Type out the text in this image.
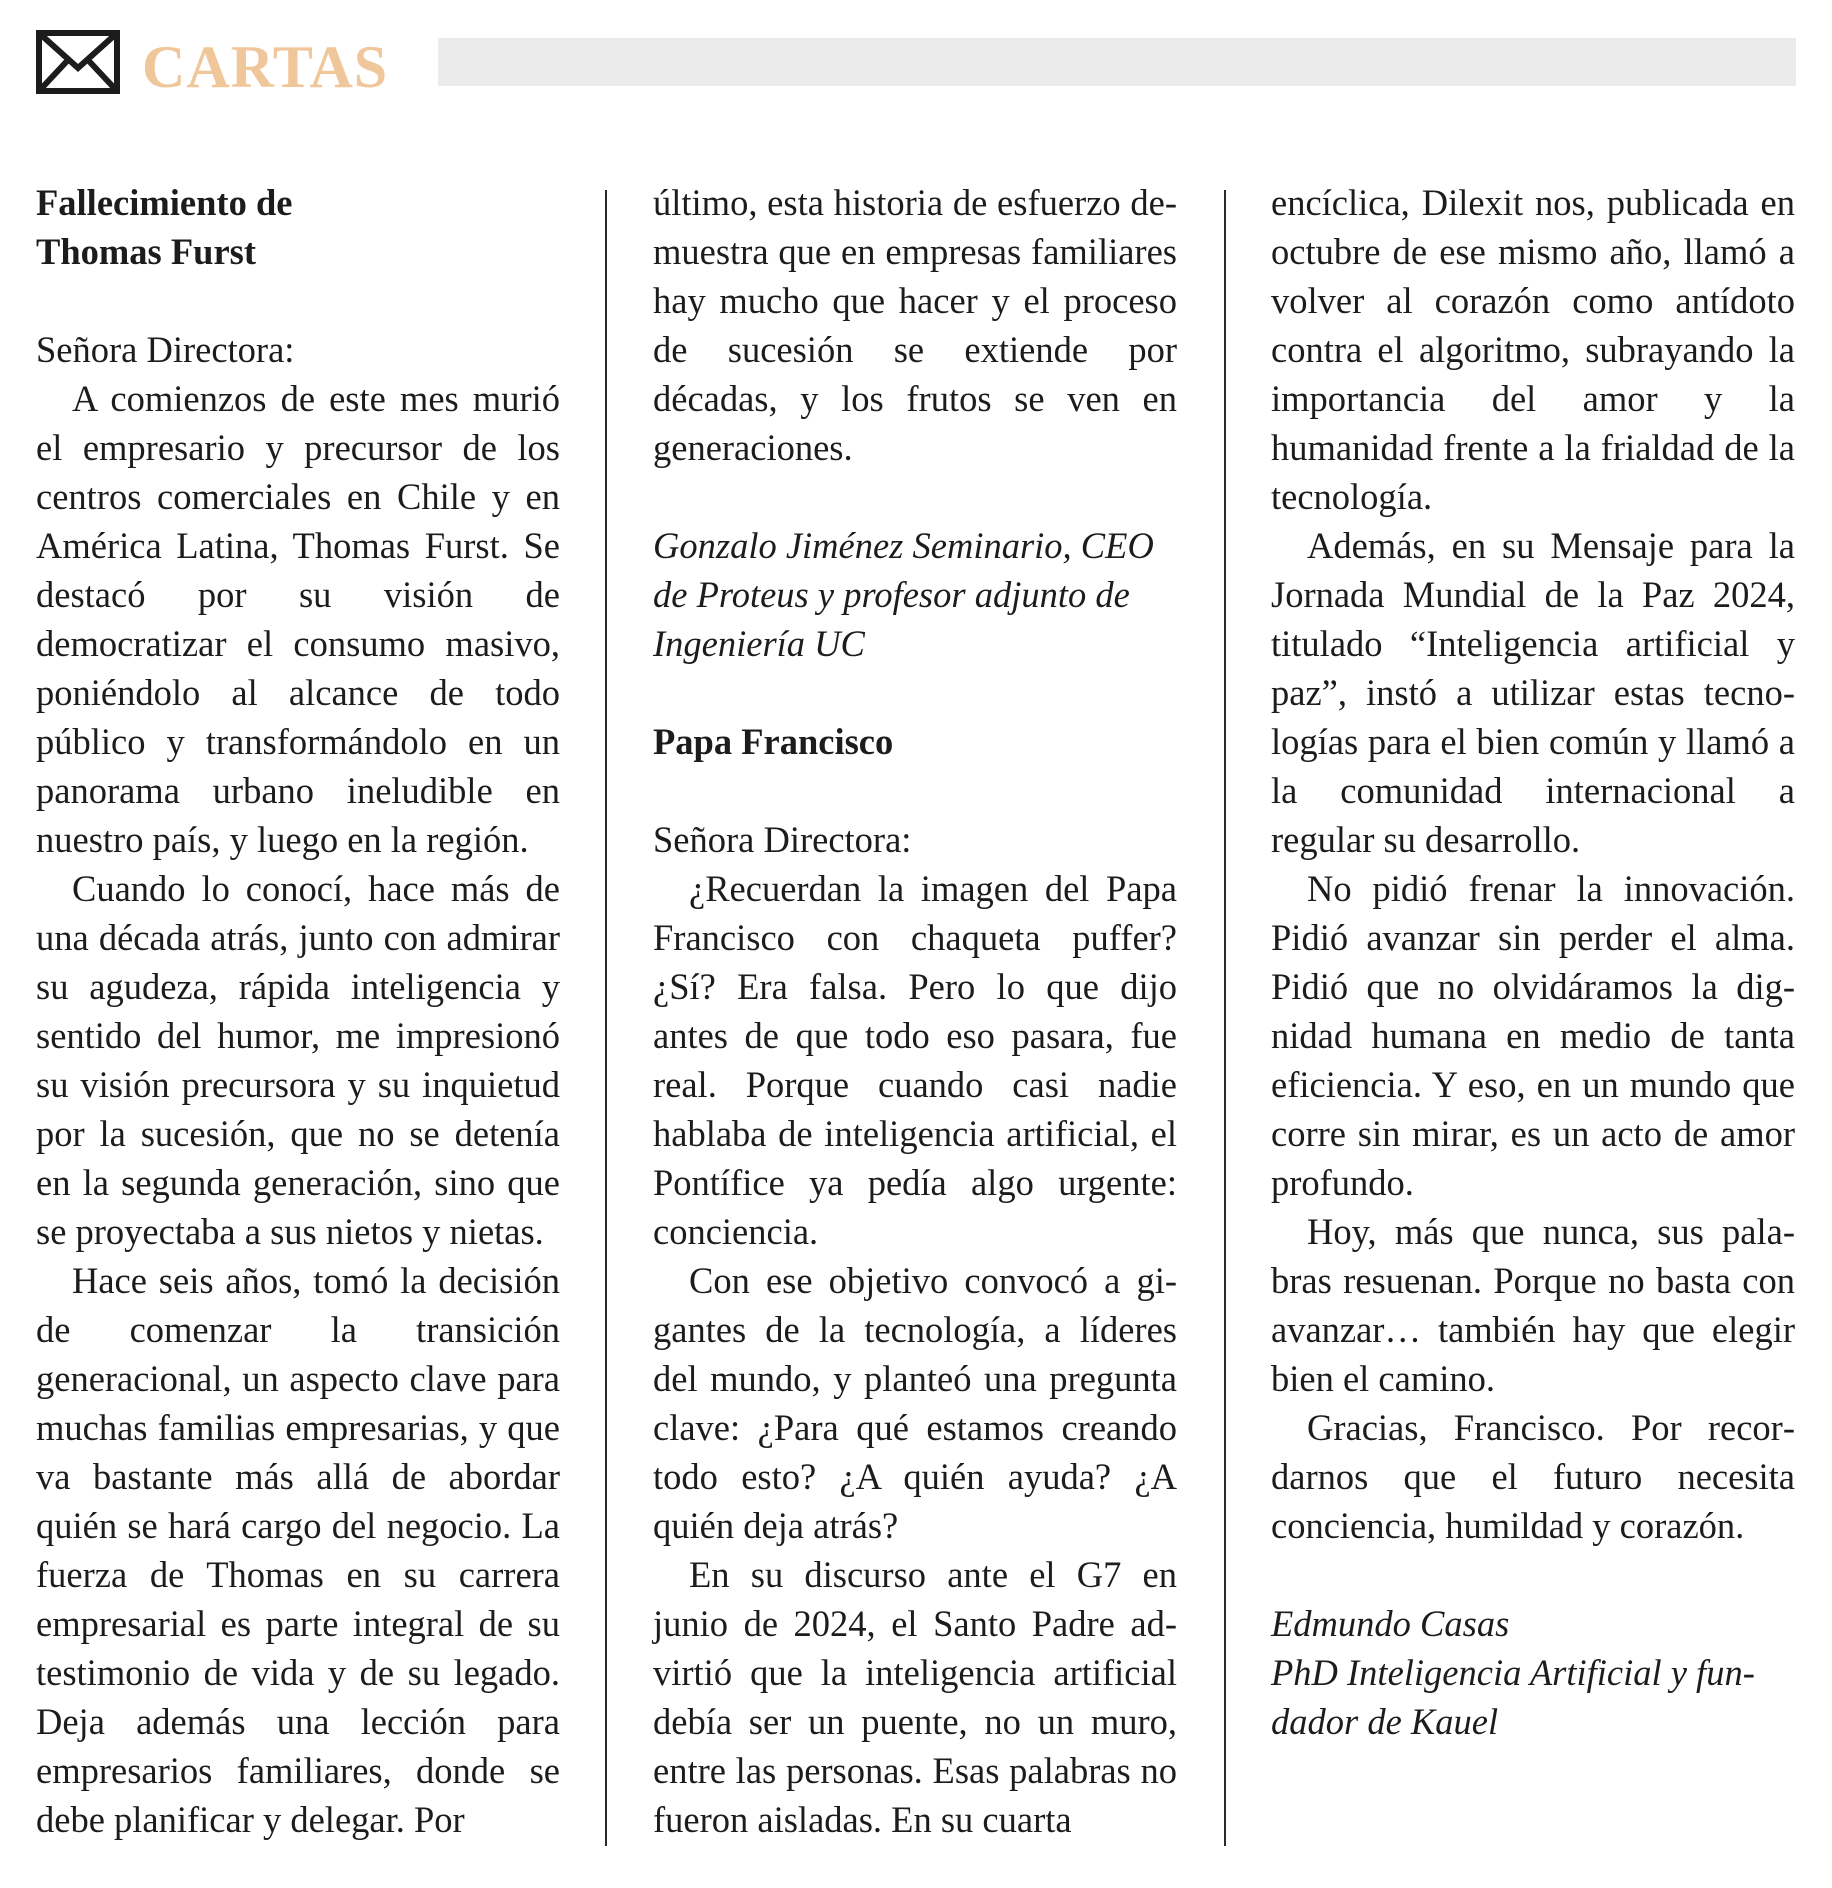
CARTAS
Fallecimiento de
Thomas Furst

Señora Directora:

A comienzos de este mes murió el empresario y precursor de los centros comerciales en Chile y en América Latina, Thomas Furst. Se destacó por su visión de democratizar el consumo masivo, poniéndolo al alcance de todo público y transformándolo en un panorama urbano ineludible en nuestro país, y luego en la región.

Cuando lo conocí, hace más de una década atrás, junto con admirar su agudeza, rápida inteligencia y sentido del humor, me impresionó su visión precursora y su inquietud por la sucesión, que no se detenía en la segunda generación, sino que se proyectaba a sus nietos y nietas.

Hace seis años, tomó la decisión de comenzar la transición generacional, un aspecto clave para muchas familias empresarias, y que va bastante más allá de abordar quién se hará cargo del negocio. La fuerza de Thomas en su carrera empresarial es parte integral de su testimonio de vida y de su legado. Deja además una lección para empresarios familiares, donde se debe planificar y delegar. Por

último, esta historia de esfuerzo demuestra que en empresas familiares hay mucho que hacer y el proceso de sucesión se extiende por décadas, y los frutos se ven en generaciones.

Gonzalo Jiménez Seminario, CEO de Proteus y profesor adjunto de Ingeniería UC

Papa Francisco

Señora Directora:

¿Recuerdan la imagen del Papa Francisco con chaqueta puffer? ¿Sí? Era falsa. Pero lo que dijo antes de que todo eso pasara, fue real. Porque cuando casi nadie hablaba de inteligencia artificial, el Pontífice ya pedía algo urgente: conciencia.

Con ese objetivo convocó a gigantes de la tecnología, a líderes del mundo, y planteó una pregunta clave: ¿Para qué estamos creando todo esto? ¿A quién ayuda? ¿A quién deja atrás?

En su discurso ante el G7 en junio de 2024, el Santo Padre advirtió que la inteligencia artificial debía ser un puente, no un muro, entre las personas. Esas palabras no fueron aisladas. En su cuarta

encíclica, Dilexit nos, publicada en octubre de ese mismo año, llamó a volver al corazón como antídoto contra el algoritmo, subrayando la importancia del amor y la humanidad frente a la frialdad de la tecnología.

Además, en su Mensaje para la Jornada Mundial de la Paz 2024, titulado “Inteligencia artificial y paz”, instó a utilizar estas tecnologías para el bien común y llamó a la comunidad internacional a regular su desarrollo.

No pidió frenar la innovación. Pidió avanzar sin perder el alma. Pidió que no olvidáramos la dignidad humana en medio de tanta eficiencia. Y eso, en un mundo que corre sin mirar, es un acto de amor profundo.

Hoy, más que nunca, sus palabras resuenan. Porque no basta con avanzar… también hay que elegir bien el camino.

Gracias, Francisco. Por recordarnos que el futuro necesita conciencia, humildad y corazón.

Edmundo Casas

PhD Inteligencia Artificial y fundador de Kauel
